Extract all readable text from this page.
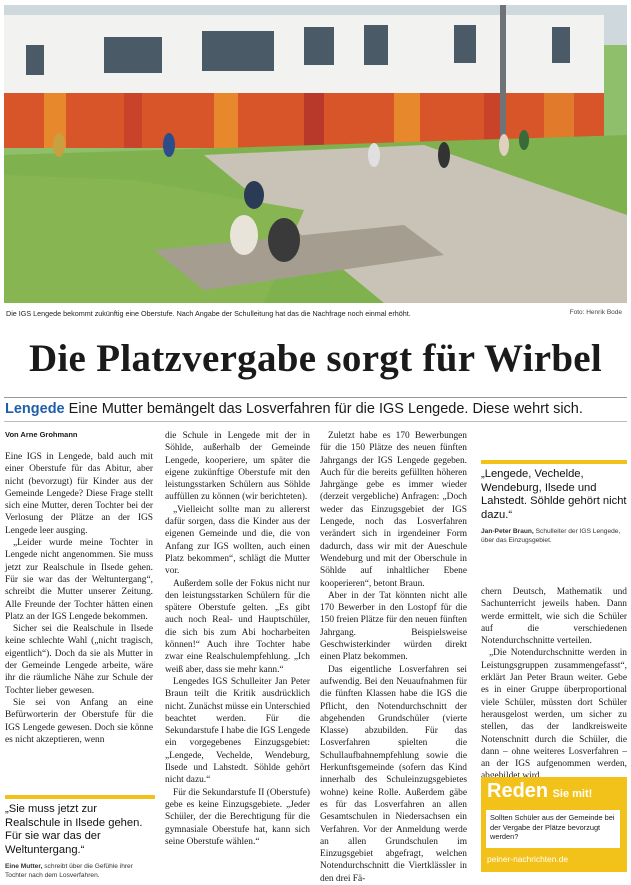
Die IGS Lengede bekommt zukünftig eine Oberstufe. Nach Angabe der Schulleitung hat das die Nachfrage noch einmal erhöht.	Foto: Henrik Bode
Die Platzvergabe sorgt für Wirbel
Lengede Eine Mutter bemängelt das Losverfahren für die IGS Lengede. Diese wehrt sich.
Von Arne Grohmann

Eine IGS in Lengede, bald auch mit einer Oberstufe für das Abitur, aber nicht (bevorzugt) für Kinder aus der Gemeinde Lengede? Diese Frage stellt sich eine Mutter, deren Tochter bei der Verlosung der Plätze an der IGS Lengede leer ausging.

„Leider wurde meine Tochter in Lengede nicht angenommen. Sie muss jetzt zur Realschule in Ilsede gehen. Für sie war das der Weltuntergang“, schreibt die Mutter unserer Zeitung. Alle Freunde der Tochter hätten einen Platz an der IGS Lengede bekommen.

Sicher sei die Realschule in Ilsede keine schlechte Wahl („nicht tragisch, eigentlich“). Doch da sie als Mutter in der Gemeinde Lengede arbeite, wäre ihr die räumliche Nähe zur Schule der Tochter lieber gewesen.

Sie sei von Anfang an eine Befürworterin der Oberstufe für die IGS Lengede gewesen. Doch sie könne es nicht akzeptieren, wenn

„Sie muss jetzt zur Realschule in Ilsede gehen. Für sie war das der Weltuntergang.“
Eine Mutter, schreibt über die Gefühle ihrer Tochter nach dem Losverfahren.

die Schule in Lengede mit der in Söhlde, außerhalb der Gemeinde Lengede, kooperiere, um später die eigene zukünftige Oberstufe mit den leistungsstarken Schülern aus Söhlde auffüllen zu können (wir berichteten).

„Vielleicht sollte man zu allererst dafür sorgen, dass die Kinder aus der eigenen Gemeinde und die, die von Anfang zur IGS wollten, auch einen Platz bekommen“, schlägt die Mutter vor.

Außerdem solle der Fokus nicht nur den leistungsstarken Schülern für die spätere Oberstufe gelten. „Es gibt auch noch Real- und Hauptschüler, die sich bis zum Abi hocharbeiten können!“ Auch ihre Tochter habe zwar eine Realschulempfehlung. „Ich weiß aber, dass sie mehr kann.“

Lengedes IGS Schulleiter Jan Peter Braun teilt die Kritik ausdrücklich nicht. Zunächst müsse ein Unterschied beachtet werden. Für die Sekundarstufe I habe die IGS Lengede ein vorgegebenes Einzugsgebiet: „Lengede, Vechelde, Wendeburg, Ilsede und Lahstedt. Söhlde gehört nicht dazu.“

Für die Sekundarstufe II (Oberstufe) gebe es keine Einzugsgebiete. „Jeder Schüler, der die Berechtigung für die gymnasiale Oberstufe hat, kann sich seine Oberstufe wählen.“

Zuletzt habe es 170 Bewerbungen für die 150 Plätze des neuen fünften Jahrgangs der IGS Lengede gegeben. Auch für die bereits gefüllten höheren Jahrgänge gebe es immer wieder (derzeit vergebliche) Anfragen: „Doch weder das Einzugsgebiet der IGS Lengede, noch das Losverfahren verändert sich in irgendeiner Form dadurch, dass wir mit der Aueschule Wendeburg und mit der Oberschule in Söhlde auf inhaltlicher Ebene kooperieren“, betont Braun.

Aber in der Tat könnten nicht alle 170 Bewerber in den Lostopf für die 150 freien Plätze für den neuen fünften Jahrgang. Beispielsweise Geschwisterkinder würden direkt einen Platz bekommen.

Das eigentliche Losverfahren sei aufwendig. Bei den Neuaufnahmen für die fünften Klassen habe die IGS die Pflicht, den Notendurchschnitt der abgehenden Grundschüler (vierte Klasse) abzubilden. Für das Losverfahren spielten die Schullaufbahnempfehlung sowie die Herkunftsgemeinde (sofern das Kind innerhalb des Schuleinzugsgebietes wohne) keine Rolle. Außerdem gäbe es für das Losverfahren an allen Gesamtschulen in Niedersachsen ein Verfahren. Vor der Anmeldung werde an allen Grundschulen im Einzugsgebiet abgefragt, welchen Notendurchschnitt die Viertklässler in den drei Fä-

„Lengede, Vechelde, Wendeburg, Ilsede und Lahstedt. Söhlde gehört nicht dazu.“
Jan-Peter Braun, Schulleiter der IGS Lengede, über das Einzugsgebiet.

chern Deutsch, Mathematik und Sachunterricht jeweils haben. Dann werde ermittelt, wie sich die Schüler auf die verschiedenen Notendurchschnitte verteilen.

„Die Notendurchschnitte werden in Leistungsgruppen zusammengefasst“, erklärt Jan Peter Braun weiter. Gebe es in einer Gruppe überproportional viele Schüler, müssten dort Schüler herausgelost werden, um sicher zu stellen, das der landkreisweite Notenschnitt durch die Schüler, die dann – ohne weiteres Losverfahren – an der IGS aufgenommen werden,

Reden Sie mit!
Sollten Schüler aus der Gemeinde bei der Vergabe der Plätze bevorzugt werden?
peiner-nachrichten.de
